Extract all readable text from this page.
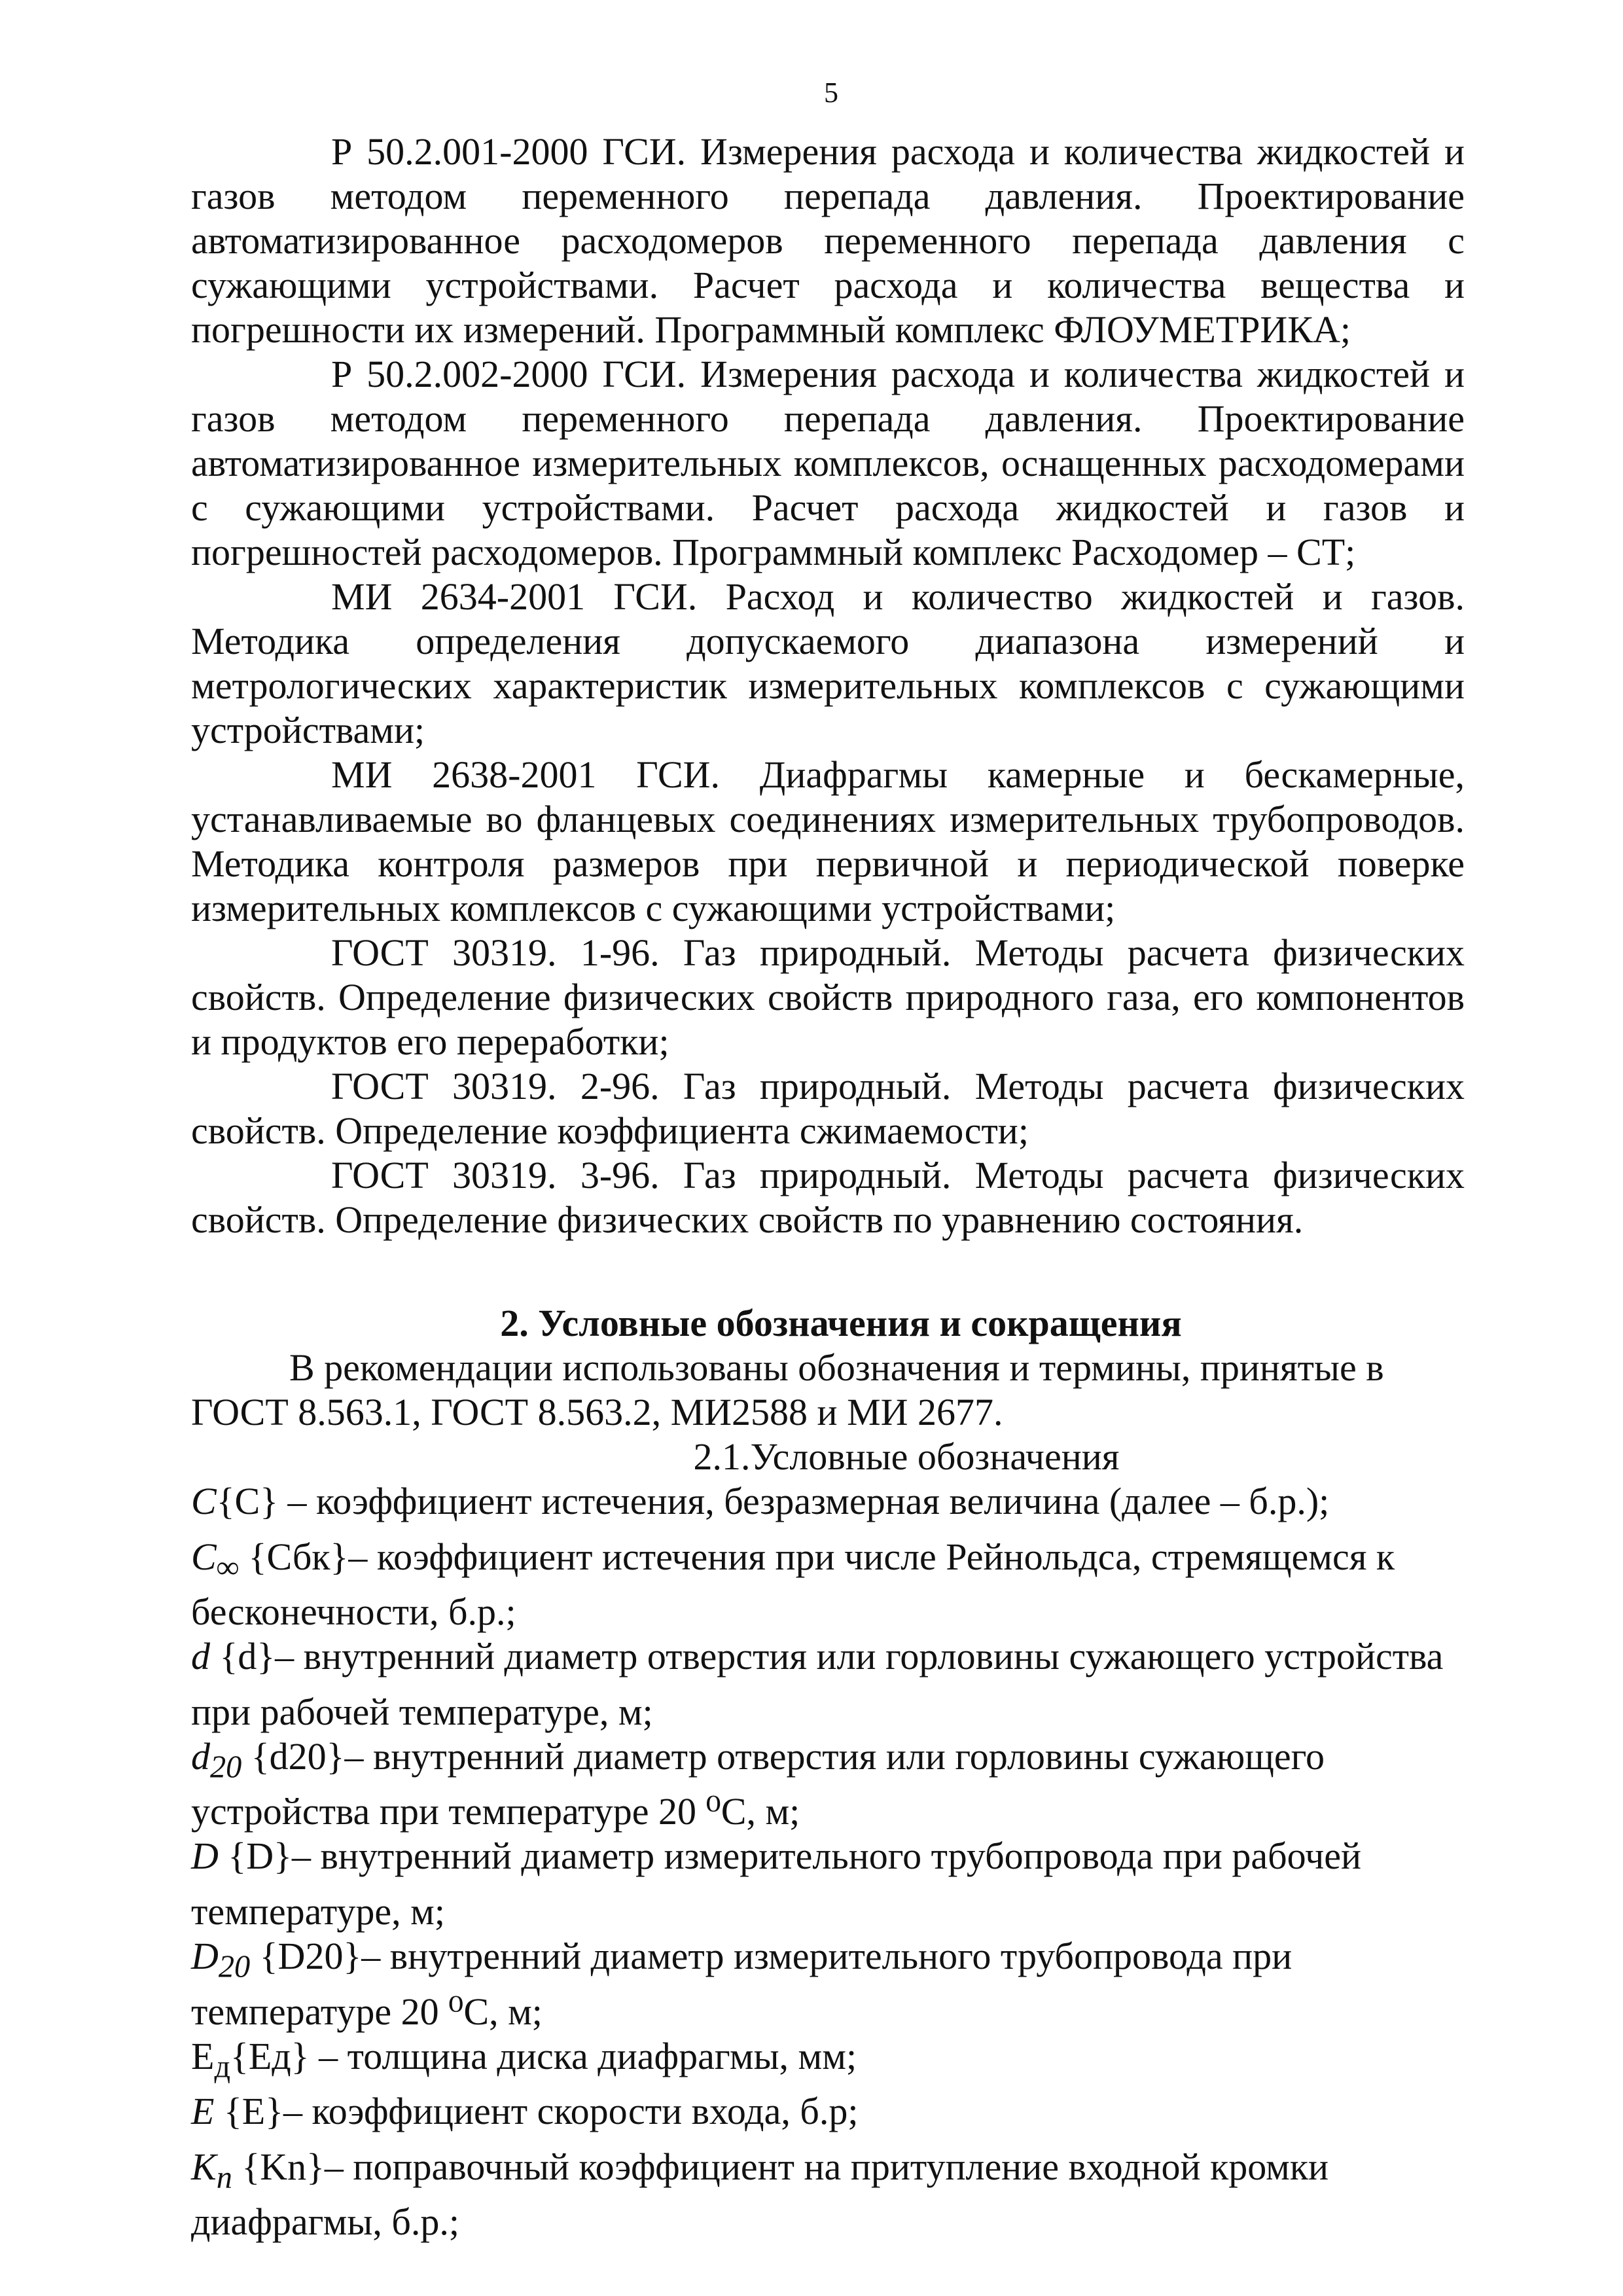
5

Р 50.2.001-2000 ГСИ. Измерения расхода и количества жидкостей и газов методом переменного перепада давления. Проектирование автоматизированное расходомеров переменного перепада давления с сужающими устройствами. Расчет расхода и количества вещества и погрешности их измерений. Программный комплекс ФЛОУМЕТРИКА;

Р 50.2.002-2000 ГСИ. Измерения расхода и количества жидкостей и газов методом переменного перепада давления. Проектирование автоматизированное измерительных комплексов, оснащенных расходомерами с сужающими устройствами. Расчет расхода жидкостей и газов и погрешностей расходомеров. Программный комплекс Расходомер – СТ;

МИ 2634-2001 ГСИ. Расход и количество жидкостей и газов. Методика определения допускаемого диапазона измерений и метрологических характеристик измерительных комплексов с сужающими устройствами;

МИ 2638-2001 ГСИ. Диафрагмы камерные и бескамерные, устанавливаемые во фланцевых соединениях измерительных трубопроводов. Методика контроля размеров при первичной и периодической поверке измерительных комплексов с сужающими устройствами;

ГОСТ 30319. 1-96. Газ природный. Методы расчета физических свойств. Определение физических свойств природного газа, его компонентов и продуктов его переработки;

ГОСТ 30319. 2-96. Газ природный. Методы расчета физических свойств. Определение коэффициента сжимаемости;

ГОСТ 30319. 3-96. Газ природный. Методы расчета физических свойств. Определение физических свойств по уравнению состояния.

2. Условные обозначения и сокращения

В рекомендации использованы обозначения и термины, принятые в ГОСТ 8.563.1, ГОСТ 8.563.2, МИ2588 и МИ 2677.

2.1.Условные обозначения

C{C} – коэффициент истечения, безразмерная величина (далее – б.р.);

$C_\infty$ {Сбк}– коэффициент истечения при числе Рейнольдса, стремящемся к бесконечности, б.р.;

d {d}– внутренний диаметр отверстия или горловины сужающего устройства при рабочей температуре, м;

$d_{20}$ {d20}– внутренний диаметр отверстия или горловины сужающего устройства при температуре 20 ⁰С, м;

D {D}– внутренний диаметр измерительного трубопровода при рабочей температуре, м;

$D_{20}$ {D20}– внутренний диаметр измерительного трубопровода при температуре 20 ⁰С, м;

$Е_д\{Ед\}$ – толщина диска диафрагмы, мм;

E {E}– коэффициент скорости входа, б.р;

$K_п$ {Kn}– поправочный коэффициент на притупление входной кромки диафрагмы, б.р.;
